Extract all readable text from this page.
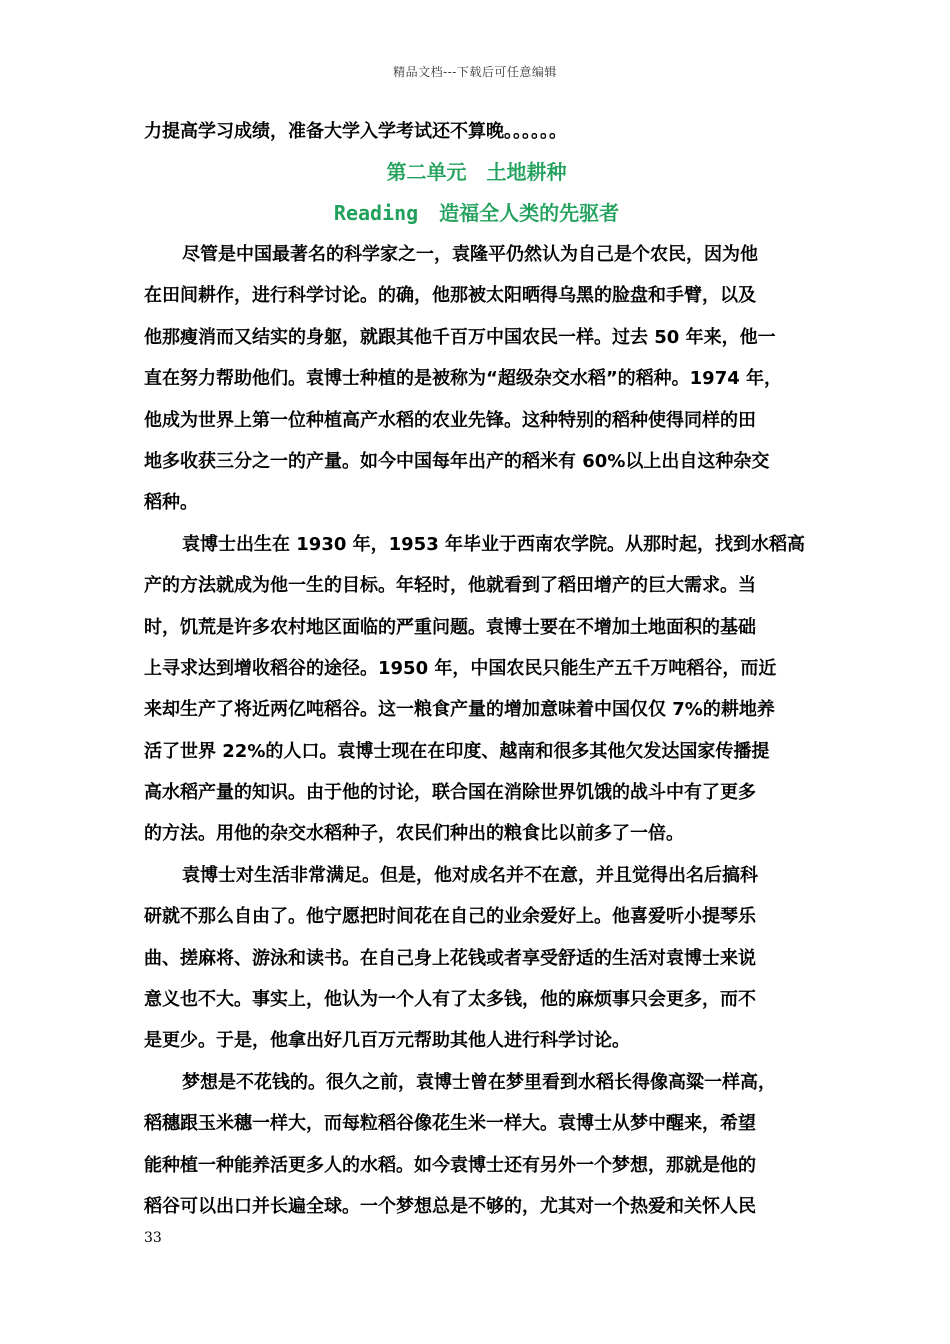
精品文档---下载后可任意编辑
力提高学习成绩，准备大学入学考试还不算晚。。。。。。
第二单元　土地耕种
Reading 造福全人类的先驱者
尽管是中国最著名的科学家之一，袁隆平仍然认为自己是个农民，因为他
在田间耕作，进行科学讨论。的确，他那被太阳晒得乌黑的脸盘和手臂，以及
他那瘦消而又结实的身躯，就跟其他千百万中国农民一样。过去 50 年来，他一
直在努力帮助他们。袁博士种植的是被称为“超级杂交水稻”的稻种。1974 年，
他成为世界上第一位种植高产水稻的农业先锋。这种特别的稻种使得同样的田
地多收获三分之一的产量。如今中国每年出产的稻米有 60%以上出自这种杂交
稻种。
袁博士出生在 1930 年，1953 年毕业于西南农学院。从那时起，找到水稻高
产的方法就成为他一生的目标。年轻时，他就看到了稻田增产的巨大需求。当
时，饥荒是许多农村地区面临的严重问题。袁博士要在不增加土地面积的基础
上寻求达到增收稻谷的途径。1950 年，中国农民只能生产五千万吨稻谷，而近
来却生产了将近两亿吨稻谷。这一粮食产量的增加意味着中国仅仅 7%的耕地养
活了世界 22%的人口。袁博士现在在印度、越南和很多其他欠发达国家传播提
高水稻产量的知识。由于他的讨论，联合国在消除世界饥饿的战斗中有了更多
的方法。用他的杂交水稻种子，农民们种出的粮食比以前多了一倍。
袁博士对生活非常满足。但是，他对成名并不在意，并且觉得出名后搞科
研就不那么自由了。他宁愿把时间花在自己的业余爱好上。他喜爱听小提琴乐
曲、搓麻将、游泳和读书。在自己身上花钱或者享受舒适的生活对袁博士来说
意义也不大。事实上，他认为一个人有了太多钱，他的麻烦事只会更多，而不
是更少。于是，他拿出好几百万元帮助其他人进行科学讨论。
梦想是不花钱的。很久之前，袁博士曾在梦里看到水稻长得像高粱一样高，
稻穗跟玉米穗一样大，而每粒稻谷像花生米一样大。袁博士从梦中醒来，希望
能种植一种能养活更多人的水稻。如今袁博士还有另外一个梦想，那就是他的
稻谷可以出口并长遍全球。一个梦想总是不够的，尤其对一个热爱和关怀人民
33
